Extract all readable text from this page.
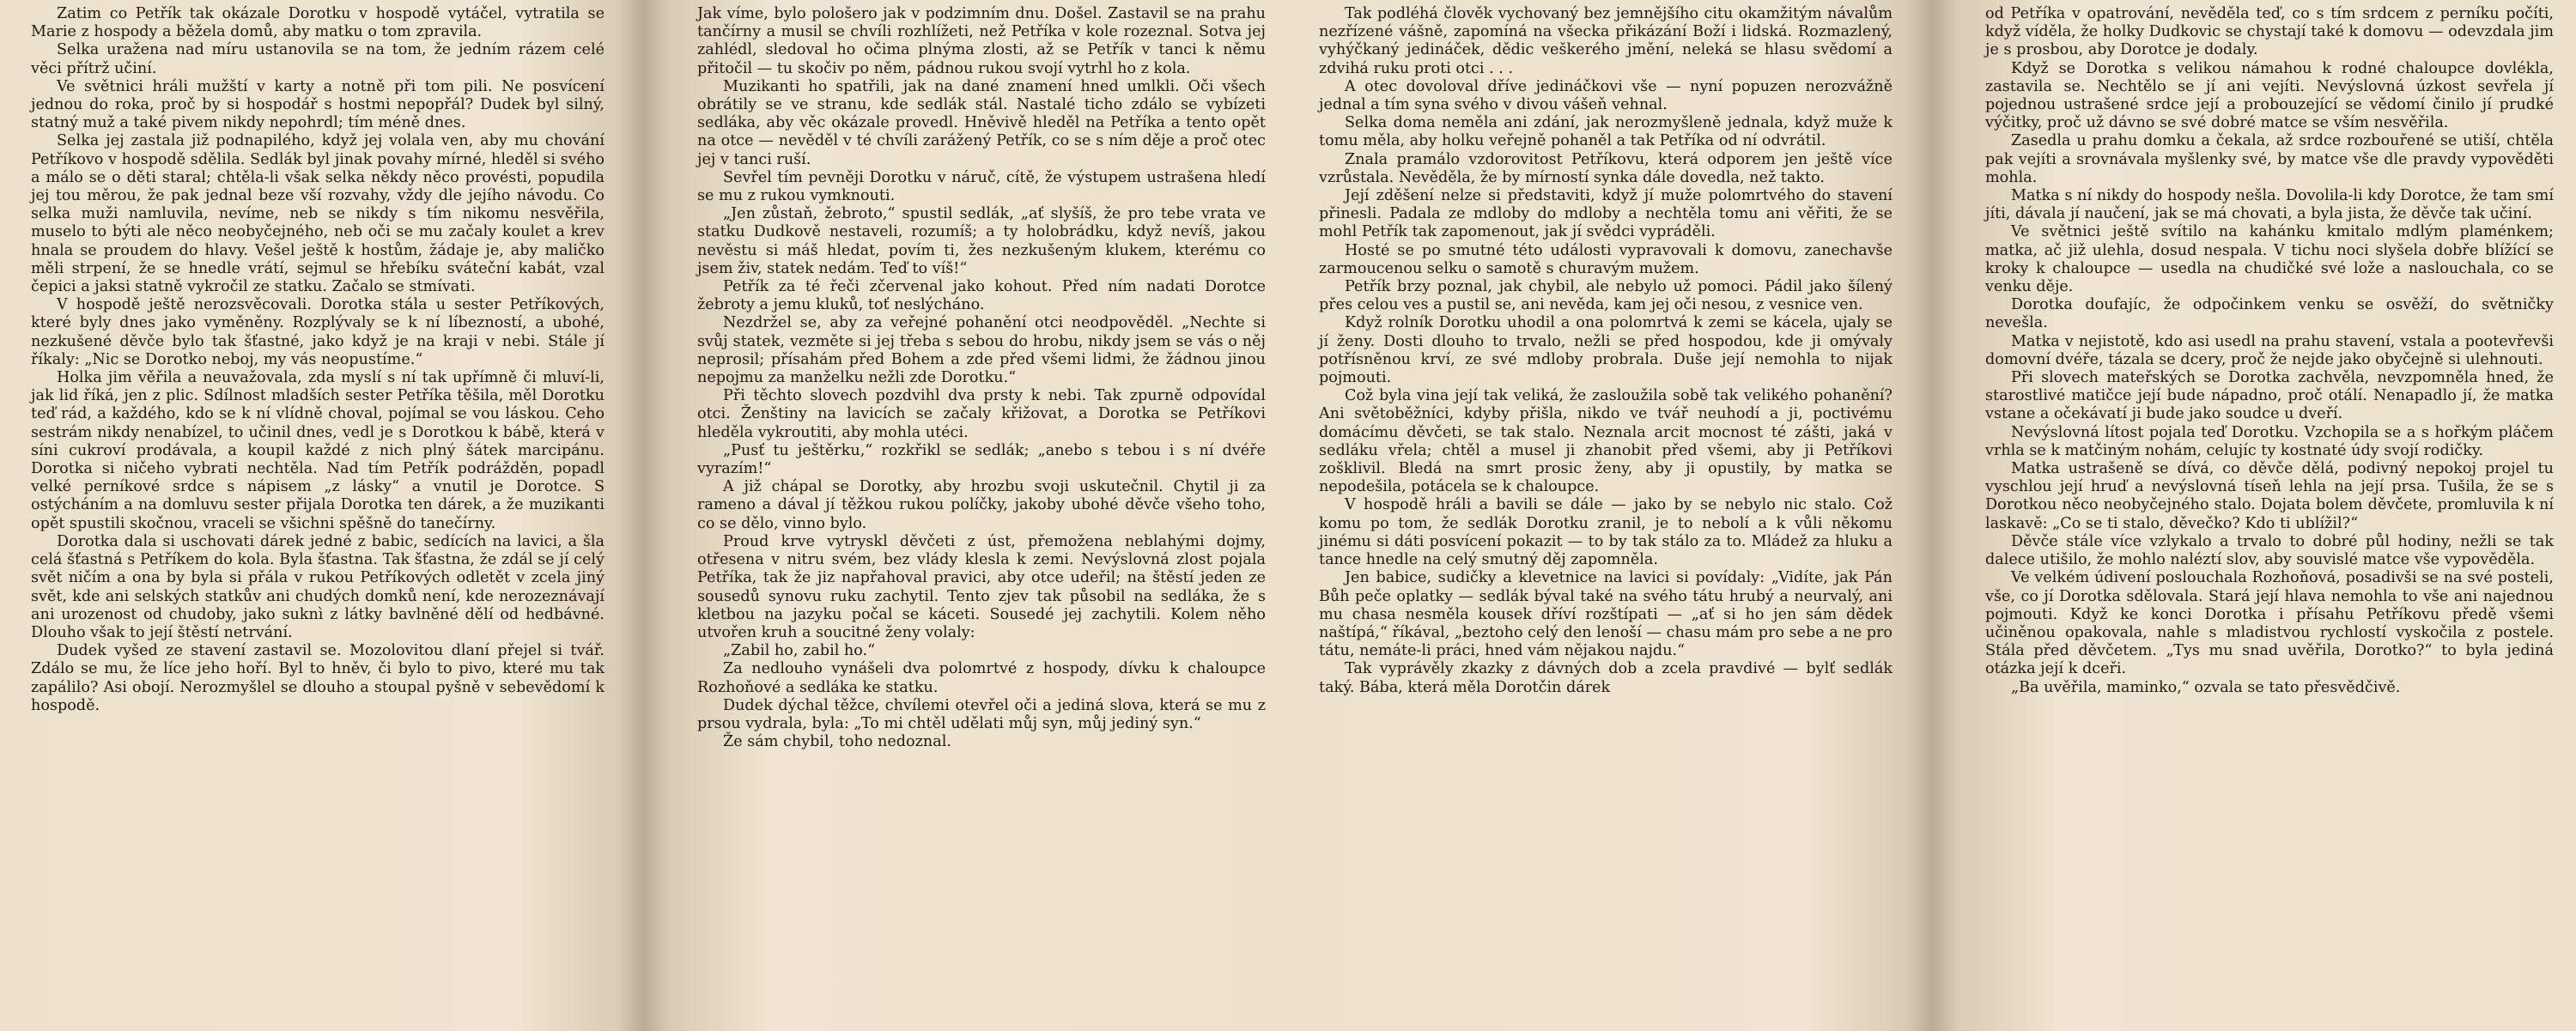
Zatim co Petřík tak okázale Dorotku v hospodě vytáčel, vytratila se Marie z hospody a běžela domů, aby matku o tom zpravila.

Selka uražena nad míru ustanovila se na tom, že jedním rázem celé věci přítrž učiní.

Ve světnici hráli mužští v karty a notně při tom pili. Ne posvícení jednou do roka, proč by si hospodář s hostmi nepopřál? Dudek byl silný, statný muž a také pivem nikdy nepohrdl; tím méně dnes.

Selka jej zastala již podnapilého, když jej volala ven, aby mu chování Petříkovo v hospodě sdělila. Sedlák byl jinak povahy mírné, hleděl si svého a málo se o děti staral; chtěla-li však selka někdy něco provésti, popudila jej tou měrou, že pak jednal beze vší rozvahy, vždy dle jejího návodu. Co selka muži namluvila, nevíme, neb se nikdy s tím nikomu nesvěřila, muselo to býti ale něco neobyčejného, neb oči se mu začaly koulet a krev hnala se proudem do hlavy. Vešel ještě k hostům, žádaje je, aby maličko měli strpení, že se hnedle vrátí, sejmul se hřebíku sváteční kabát, vzal čepici a jaksi statně vykročil ze statku. Začalo se stmívati.

V hospodě ještě nerozsvěcovali. Dorotka stála u sester Petříkových, které byly dnes jako vyměněny. Rozplývaly se k ní líbezností, a ubohé, nezkušené děvče bylo tak šťastné, jako když je na kraji v nebi. Stále jí říkaly: „Nic se Dorotko neboj, my vás neopustíme.“

Holka jim věřila a neuvažovala, zda myslí s ní tak upřímně či mluví-li, jak lid říká, jen z plic. Sdílnost mladších sester Petříka těšila, měl Dorotku teď rád, a každého, kdo se k ní vlídně choval, pojímal se vou láskou. Ceho sestrám nikdy nenabízel, to učinil dnes, vedl je s Dorotkou k bábě, která v síni cukroví prodávala, a koupil každé z nich plný šátek marcipánu. Dorotka si ničeho vybrati nechtěla. Nad tím Petřík podrážděn, popadl velké perníkové srdce s nápisem „z lásky“ a vnutil je Dorotce. S ostýcháním a na domluvu sester přijala Dorotka ten dárek, a že muzikanti opět spustili skočnou, vraceli se všichni spěšně do tanečírny.

Dorotka dala si uschovati dárek jedné z babic, sedících na lavici, a šla celá šťastná s Petříkem do kola. Byla šťastna. Tak šťastna, že zdál se jí celý svět ničím a ona by byla si přála v rukou Petříkových odletět v zcela jiný svět, kde ani selských statkův ani chudých domků není, kde nerozeznávají ani urozenost od chudoby, jako suknì z látky bavlněné dělí od hedbávné. Dlouho však to její štěstí netrvání.

Dudek vyšed ze stavení zastavil se. Mozolovitou dlaní přejel si tvář. Zdálo se mu, že líce jeho hoří. Byl to hněv, či bylo to pivo, které mu tak zapálilo? Asi obojí. Nerozmyšlel se dlouho a stoupal pyšně v sebevědomí k hospodě.

Jak víme, bylo pološero jak v podzimním dnu. Došel. Zastavil se na prahu tančírny a musil se chvíli rozhlížeti, než Petříka v kole rozeznal. Sotva jej zahlédl, sledoval ho očima plnýma zlosti, až se Petřík v tanci k němu přitočil — tu skočiv po něm, pádnou rukou svojí vytrhl ho z kola.

Muzikanti ho spatřili, jak na dané znamení hned umlkli. Oči všech obrátily se ve stranu, kde sedlák stál. Nastalé ticho zdálo se vybízeti sedláka, aby věc okázale provedl. Hněvivě hleděl na Petříka a tento opět na otce — nevěděl v té chvíli zarážený Petřík, co se s ním děje a proč otec jej v tanci ruší.

Sevřel tím pevněji Dorotku v náruč, cítě, že výstupem ustrašena hledí se mu z rukou vymknouti.

„Jen zůstaň, žebroto,“ spustil sedlák, „ať slyšíš, že pro tebe vrata ve statku Dudkově nestaveli, rozumíš; a ty holobrádku, když nevíš, jakou nevěstu si máš hledat, povím ti, žes nezkušeným klukem, kterému co jsem živ, statek nedám. Teď to víš!“

Petřík za té řeči zčervenal jako kohout. Před ním nadati Dorotce žebroty a jemu kluků, toť neslýcháno.

Nezdržel se, aby za veřejné pohanění otci neodpověděl. „Nechte si svůj statek, vezměte si jej třeba s sebou do hrobu, nikdy jsem se vás o něj neprosil; přísahám před Bohem a zde před všemi lidmi, že žádnou jinou nepojmu za manželku nežli zde Dorotku.“

Při těchto slovech pozdvihl dva prsty k nebi. Tak zpurně odpovídal otci. Ženštiny na lavicích se začaly křižovat, a Dorotka se Petříkovi hleděla vykroutiti, aby mohla utéci.

„Pusť tu ještěrku,“ rozkřikl se sedlák; „anebo s tebou i s ní dvéře vyrazím!“

A již chápal se Dorotky, aby hrozbu svoji uskutečnil. Chytil ji za rameno a dával jí těžkou rukou políčky, jakoby ubohé děvče všeho toho, co se dělo, vinno bylo.

Proud krve vytryskl děvčeti z úst, přemožena neblahými dojmy, otřesena v nitru svém, bez vlády klesla k zemi. Nevýslovná zlost pojala Petříka, tak že jiz napřahoval pravici, aby otce udeřil; na štěstí jeden ze sousedů synovu ruku zachytil. Tento zjev tak působil na sedláka, že s kletbou na jazyku počal se káceti. Sousedé jej zachytili. Kolem něho utvořen kruh a soucitné ženy volaly:

„Zabil ho, zabil ho.“

Za nedlouho vynášeli dva polomrtvé z hospody, dívku k chaloupce Rozhoňové a sedláka ke statku.

Dudek dýchal těžce, chvílemi otevřel oči a jediná slova, která se mu z prsou vydrala, byla: „To mi chtěl udělati můj syn, můj jediný syn.“

Že sám chybil, toho nedoznal.

Tak podléhá člověk vychovaný bez jemnějšího citu okamžitým návalům nezřízené vášně, zapomíná na všecka přikázání Boží i lidská. Rozmazlený, vyhýčkaný jedináček, dědic veškerého jmění, neleká se hlasu svědomí a zdvihá ruku proti otci . . .

A otec dovoloval dříve jedináčkovi vše — nyní popuzen nerozvážně jednal a tím syna svého v divou vášeň vehnal.

Selka doma neměla ani zdání, jak nerozmyšleně jednala, když muže k tomu měla, aby holku veřejně pohaněl a tak Petříka od ní odvrátil.

Znala pramálo vzdorovitost Petříkovu, která odporem jen ještě více vzrůstala. Nevěděla, že by mírností synka dále dovedla, než takto.

Její zděšení nelze si představiti, když jí muže polomrtvého do stavení přinesli. Padala ze mdloby do mdloby a nechtěla tomu ani věřiti, že se mohl Petřík tak zapomenout, jak jí svědci vypráděli.

Hosté se po smutné této události vypravovali k domovu, zanechavše zarmoucenou selku o samotě s churavým mužem.

Petřík brzy poznal, jak chybil, ale nebylo už pomoci. Pádil jako šílený přes celou ves a pustil se, ani nevěda, kam jej oči nesou, z vesnice ven.

Když rolník Dorotku uhodil a ona polomrtvá k zemi se kácela, ujaly se jí ženy. Dosti dlouho to trvalo, nežli se před hospodou, kde ji omývaly potřísněnou krví, ze své mdloby probrala. Duše její nemohla to nijak pojmouti.

Což byla vina její tak veliká, že zasloužila sobě tak velikého pohanění? Ani světoběžníci, kdyby přišla, nikdo ve tvář neuhodí a ji, poctivému domácímu děvčeti, se tak stalo. Neznala arcit mocnost té zášti, jaká v sedláku vřela; chtěl a musel ji zhanobit před všemi, aby ji Petříkovi zošklivil. Bledá na smrt prosic ženy, aby ji opustily, by matka se nepodešila, potácela se k chaloupce.

V hospodě hráli a bavili se dále — jako by se nebylo nic stalo. Což komu po tom, že sedlák Dorotku zranil, je to nebolí a k vůli někomu jinému si dáti posvícení pokazit — to by tak stálo za to. Mládež za hluku a tance hnedle na celý smutný děj zapomněla.

Jen babice, sudičky a klevetnice na lavici si povídaly: „Vidíte, jak Pán Bůh peče oplatky — sedlák býval také na svého tátu hrubý a neurvalý, ani mu chasa nesměla kousek dříví rozštípati — „ať si ho jen sám dědek naštípá,“ říkával, „beztoho celý den lenoší — chasu mám pro sebe a ne pro tátu, nemáte-li práci, hned vám nějakou najdu.“

Tak vyprávěly zkazky z dávných dob a zcela pravdivé — bylť sedlák taký. Bába, která měla Dorotčin dárek

od Petříka v opatrování, nevěděla teď, co s tím srdcem z perníku počíti, když víděla, že holky Dudkovic se chystají také k domovu — odevzdala jim je s prosbou, aby Dorotce je dodaly.

Když se Dorotka s velikou námahou k rodné chaloupce dovlékla, zastavila se. Nechtělo se jí ani vejíti. Nevýslovná úzkost sevřela jí pojednou ustrašené srdce její a probouzející se vědomí činilo jí prudké výčitky, proč už dávno se své dobré matce se vším nesvěřila.

Zasedla u prahu domku a čekala, až srdce rozbouřené se utiší, chtěla pak vejíti a srovnávala myšlenky své, by matce vše dle pravdy vypověděti mohla.

Matka s ní nikdy do hospody nešla. Dovolila-li kdy Dorotce, že tam smí jíti, dávala jí naučení, jak se má chovati, a byla jista, že děvče tak učiní.

Ve světnici ještě svítilo na kahánku kmitalo mdlým plaménkem; matka, ač již ulehla, dosud nespala. V tichu noci slyšela dobře blížící se kroky k chaloupce — usedla na chudičké své lože a naslouchala, co se venku děje.

Dorotka doufajíc, že odpočinkem venku se osvěží, do světničky nevešla.

Matka v nejistotě, kdo asi usedl na prahu stavení, vstala a pootevřevši domovní dvéře, tázala se dcery, proč že nejde jako obyčejně si ulehnouti.

Při slovech mateřských se Dorotka zachvěla, nevzpomněla hned, že starostlivé matičce její bude nápadno, proč otálí. Nenapadlo jí, že matka vstane a očekávatí ji bude jako soudce u dveří.

Nevýslovná lítost pojala teď Dorotku. Vzchopila se a s hořkým pláčem vrhla se k matčiným nohám, celujíc ty kostnaté údy svojí rodičky.

Matka ustrašeně se dívá, co děvče dělá, podivný nepokoj projel tu vyschlou její hruď a nevýslovná tíseň lehla na její prsa. Tušila, že se s Dorotkou něco neobyčejného stalo. Dojata bolem děvčete, promluvila k ní laskavě: „Co se ti stalo, děvečko? Kdo ti ublížil?“

Děvče stále více vzlykalo a trvalo to dobré půl hodiny, nežli se tak dalece utišilo, že mohlo naléztí slov, aby souvislé matce vše vypověděla.

Ve velkém údivení poslouchala Rozhoňová, posadivši se na své posteli, vše, co jí Dorotka sdělovala. Stará její hlava nemohla to vše ani najednou pojmouti. Když ke konci Dorotka i přísahu Petříkovu předě všemi učiněnou opakovala, nahle s mladistvou rychlostí vyskočila z postele. Stála před děvčetem. „Tys mu snad uvěřila, Dorotko?“ to byla jediná otázka její k dceři.

„Ba uvěřila, maminko,“ ozvala se tato přesvědčivě.
